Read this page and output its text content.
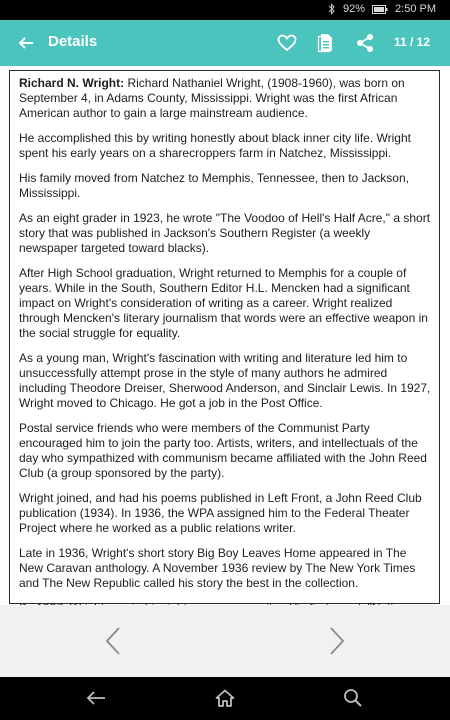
92%	2:50 PM
Details	11 / 12

Richard N. Wright: Richard Nathaniel Wright, (1908-1960), was born on September 4, in Adams County, Mississippi. Wright was the first African American author to gain a large mainstream audience.

He accomplished this by writing honestly about black inner city life. Wright spent his early years on a sharecroppers farm in Natchez, Mississippi.

His family moved from Natchez to Memphis, Tennessee, then to Jackson, Mississippi.

As an eight grader in 1923, he wrote "The Voodoo of Hell's Half Acre," a short story that was published in Jackson's Southern Register (a weekly newspaper targeted toward blacks).

After High School graduation, Wright returned to Memphis for a couple of years. While in the South, Southern Editor H.L. Mencken had a significant impact on Wright's consideration of writing as a career. Wright realized through Mencken's literary journalism that words were an effective weapon in the social struggle for equality.

As a young man, Wright's fascination with writing and literature led him to unsuccessfully attempt prose in the style of many authors he admired including Theodore Dreiser, Sherwood Anderson, and Sinclair Lewis. In 1927, Wright moved to Chicago. He got a job in the Post Office.

Postal service friends who were members of the Communist Party encouraged him to join the party too. Artists, writers, and intellectuals of the day who sympathized with communism became affiliated with the John Reed Club (a group sponsored by the party).

Wright joined, and had his poems published in Left Front, a John Reed Club publication (1934). In 1936, the WPA assigned him to the Federal Theater Project where he worked as a public relations writer.

Late in 1936, Wright's short story Big Boy Leaves Home appeared in The New Caravan anthology. A November 1936 review by The New York Times and The New Republic called his story the best in the collection.
